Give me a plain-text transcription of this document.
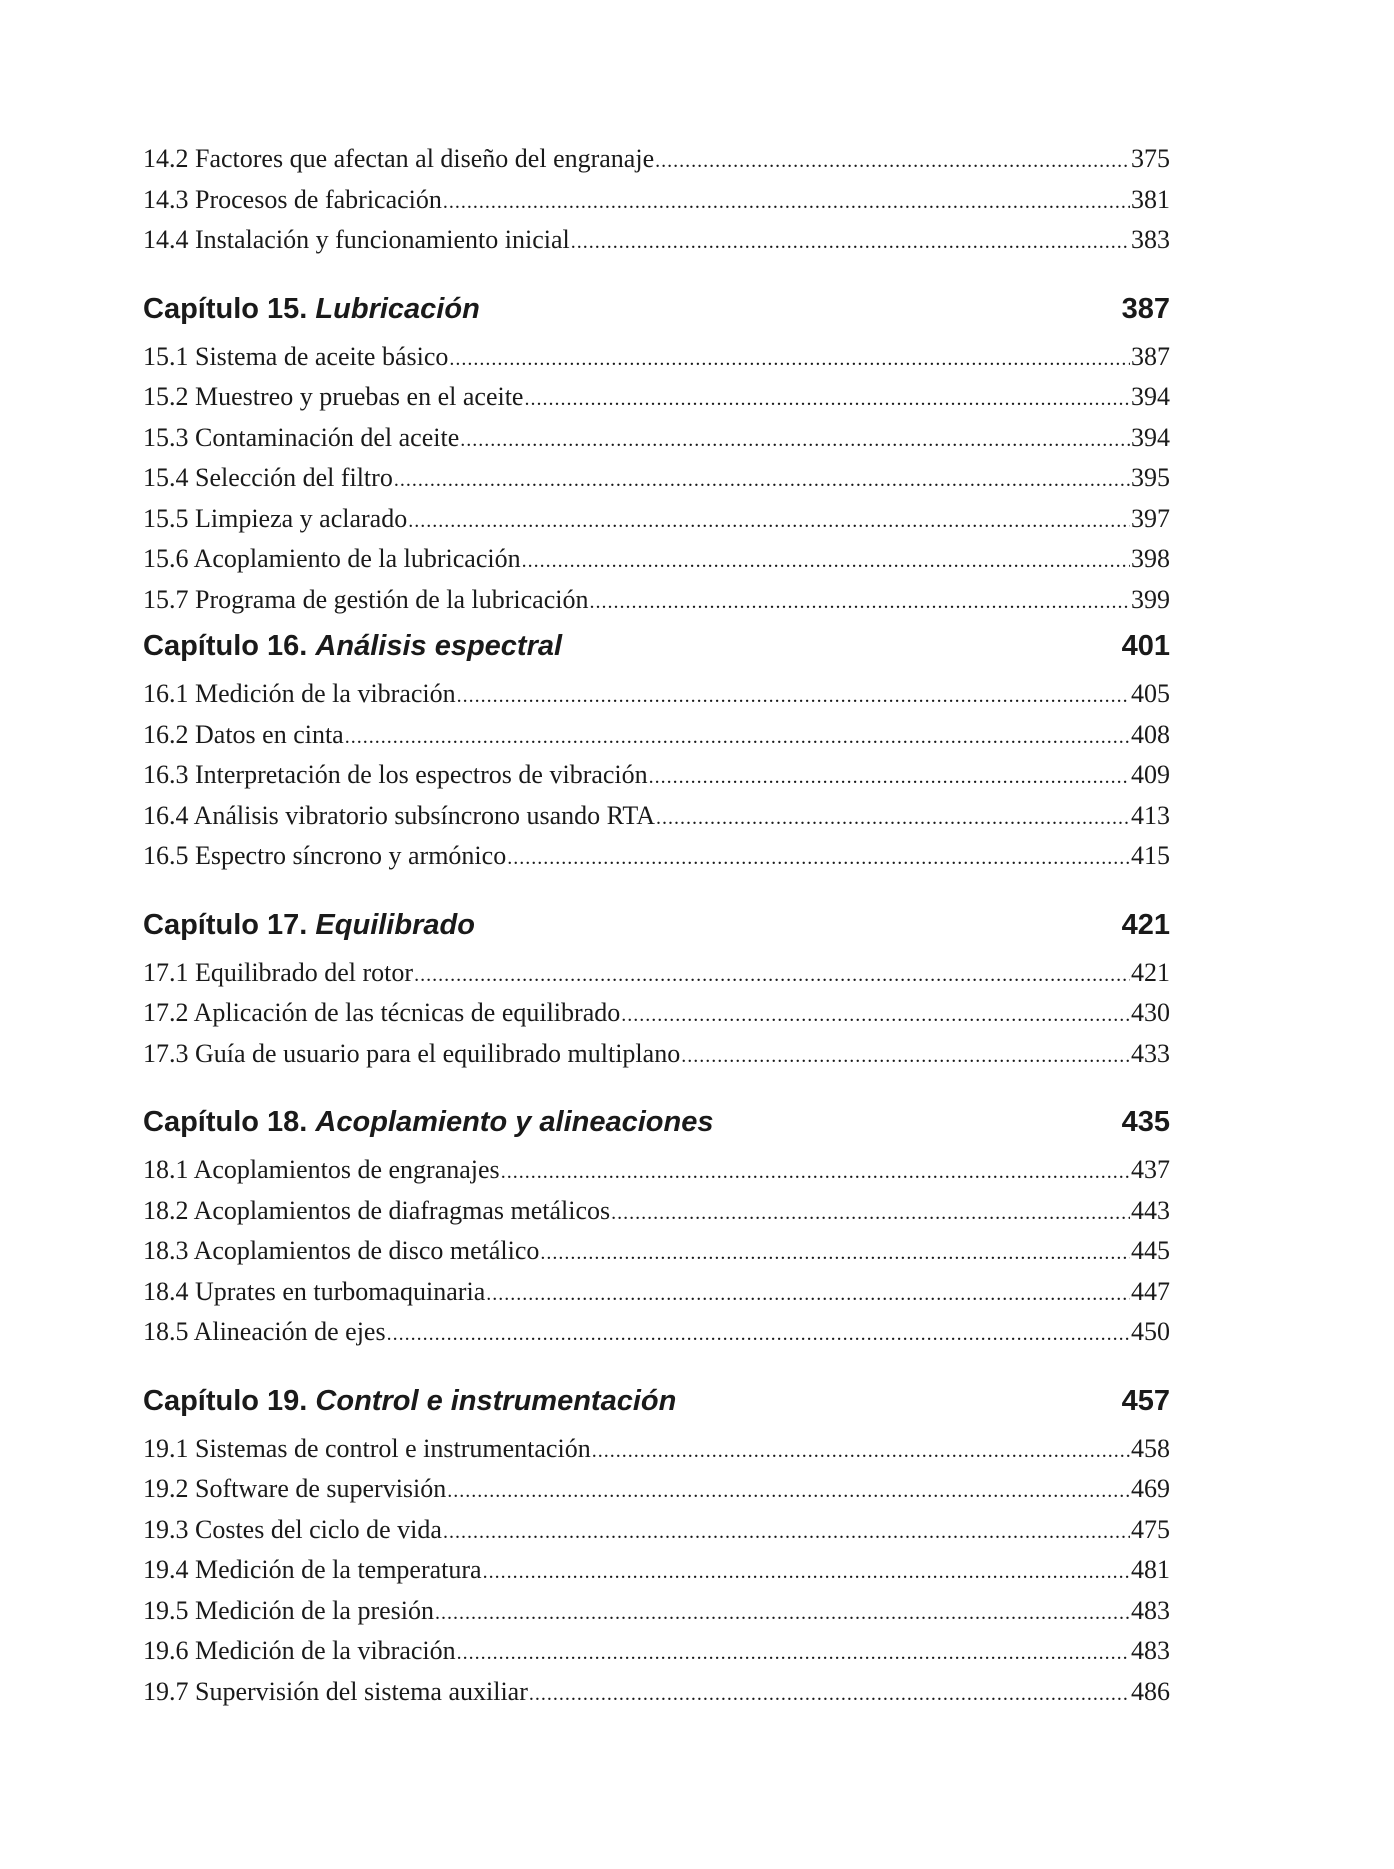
14.2 Factores que afectan al diseño del engranaje .....	375
14.3 Procesos de fabricación .....	381
14.4 Instalación y funcionamiento inicial .....	383
Capítulo 15. Lubricación	387
15.1 Sistema de aceite básico .....	387
15.2 Muestreo y pruebas en el aceite .....	394
15.3 Contaminación del aceite .....	394
15.4 Selección del filtro .....	395
15.5 Limpieza y aclarado .....	397
15.6 Acoplamiento de la lubricación .....	398
15.7 Programa de gestión de la lubricación .....	399
Capítulo 16. Análisis espectral	401
16.1 Medición de la vibración .....	405
16.2 Datos en cinta .....	408
16.3 Interpretación de los espectros de vibración .....	409
16.4 Análisis vibratorio subsíncrono usando RTA .....	413
16.5 Espectro síncrono y armónico .....	415
Capítulo 17. Equilibrado	421
17.1 Equilibrado del rotor .....	421
17.2 Aplicación de las técnicas de equilibrado .....	430
17.3 Guía de usuario para el equilibrado multiplano .....	433
Capítulo 18. Acoplamiento y alineaciones	435
18.1 Acoplamientos de engranajes .....	437
18.2 Acoplamientos de diafragmas metálicos .....	443
18.3 Acoplamientos de disco metálico .....	445
18.4 Uprates en turbomaquinaria .....	447
18.5 Alineación de ejes .....	450
Capítulo 19. Control e instrumentación	457
19.1 Sistemas de control e instrumentación .....	458
19.2 Software de supervisión .....	469
19.3 Costes del ciclo de vida .....	475
19.4 Medición de la temperatura .....	481
19.5 Medición de la presión .....	483
19.6 Medición de la vibración .....	483
19.7 Supervisión del sistema auxiliar .....	486
